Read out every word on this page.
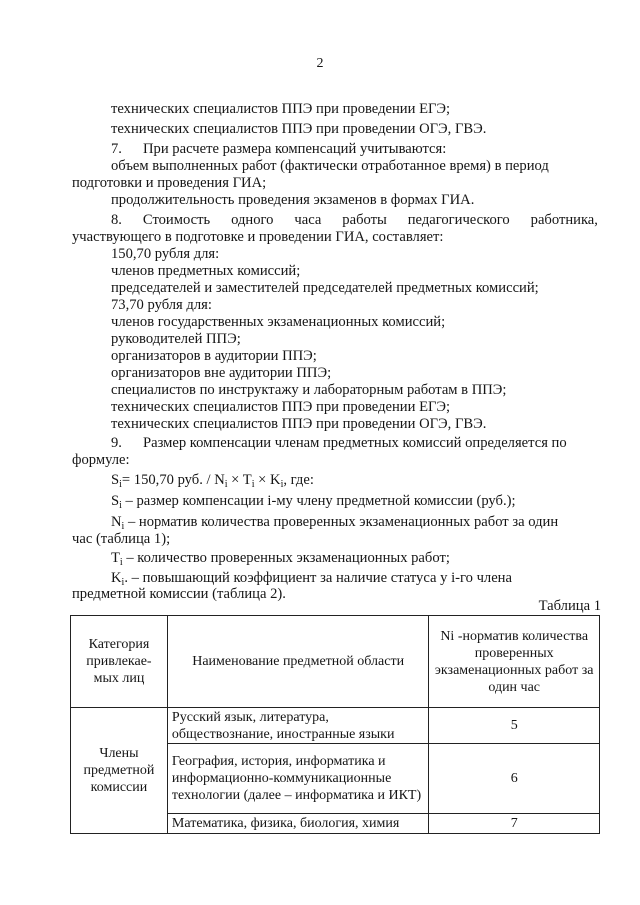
2
технических специалистов ППЭ при проведении ЕГЭ;
технических специалистов ППЭ при проведении ОГЭ, ГВЭ.
7. При расчете размера компенсаций учитываются:
объем выполненных работ (фактически отработанное время) в период
подготовки и проведения ГИА;
продолжительность проведения экзаменов в формах ГИА.
8. Стоимость одного часа работы педагогического работника,
участвующего в подготовке и проведении ГИА, составляет:
150,70 рубля для:
членов предметных комиссий;
председателей и заместителей председателей предметных комиссий;
73,70 рубля для:
членов государственных экзаменационных комиссий;
руководителей ППЭ;
организаторов в аудитории ППЭ;
организаторов вне аудитории ППЭ;
специалистов по инструктажу и лабораторным работам в ППЭ;
технических специалистов ППЭ при проведении ЕГЭ;
технических специалистов ППЭ при проведении ОГЭ, ГВЭ.
9. Размер компенсации членам предметных комиссий определяется по
формуле:
$S_i= 150,70$ руб. / $N_i \times T_i \times K_i$, где:
$S_i$ – размер компенсации i-му члену предметной комиссии (руб.);
$N_i$ – норматив количества проверенных экзаменационных работ за один
час (таблица 1);
$T_i$ – количество проверенных экзаменационных работ;
$K_i$. – повышающий коэффициент за наличие статуса у i-го члена
предметной комиссии (таблица 2).
Таблица 1
Категория привлекае-мых лиц	Наименование предметной области	Ni -норматив количества проверенных экзаменационных работ за один час
Члены предметной комиссии	Русский язык, литература, обществознание, иностранные языки	5
	География, история, информатика и информационно-коммуникационные технологии (далее – информатика и ИКТ)	6
	Математика, физика, биология, химия	7
